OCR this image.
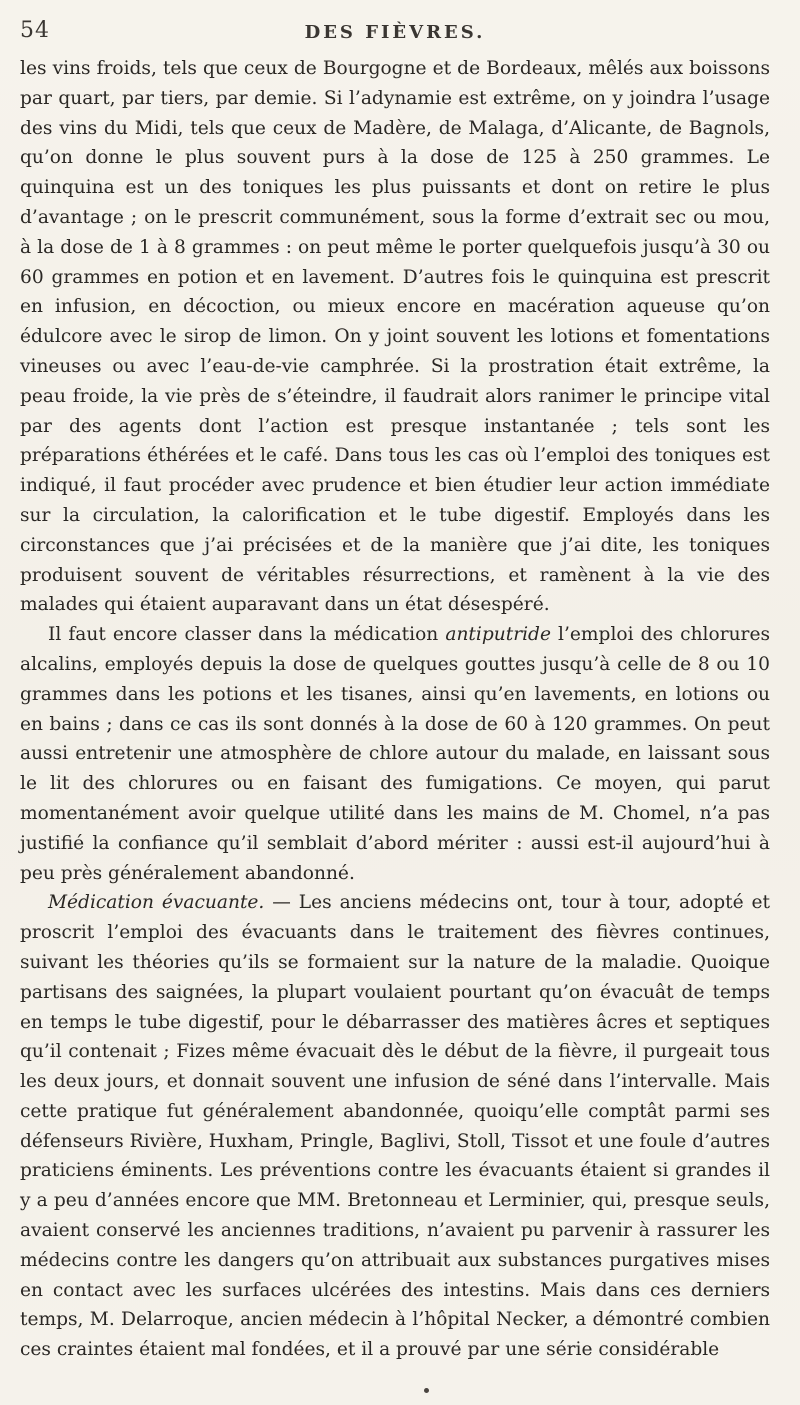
54	DES FIÈVRES.

les vins froids, tels que ceux de Bourgogne et de Bordeaux, mêlés aux boissons par quart, par tiers, par demie. Si l’adynamie est extrême, on y joindra l’usage des vins du Midi, tels que ceux de Madère, de Malaga, d’Alicante, de Bagnols, qu’on donne le plus souvent purs à la dose de 125 à 250 grammes. Le quinquina est un des toniques les plus puissants et dont on retire le plus d’avantage ; on le prescrit communément, sous la forme d’extrait sec ou mou, à la dose de 1 à 8 grammes : on peut même le porter quelquefois jusqu’à 30 ou 60 grammes en potion et en lavement. D’autres fois le quinquina est prescrit en infusion, en décoction, ou mieux encore en macération aqueuse qu’on édulcore avec le sirop de limon. On y joint souvent les lotions et fomentations vineuses ou avec l’eau-de-vie camphrée. Si la prostration était extrême, la peau froide, la vie près de s’éteindre, il faudrait alors ranimer le principe vital par des agents dont l’action est presque instantanée ; tels sont les préparations éthérées et le café. Dans tous les cas où l’emploi des toniques est indiqué, il faut procéder avec prudence et bien étudier leur action immédiate sur la circulation, la calorification et le tube digestif. Employés dans les circonstances que j’ai précisées et de la manière que j’ai dite, les toniques produisent souvent de véritables résurrections, et ramènent à la vie des malades qui étaient auparavant dans un état désespéré.

Il faut encore classer dans la médication antiputride l’emploi des chlorures alcalins, employés depuis la dose de quelques gouttes jusqu’à celle de 8 ou 10 grammes dans les potions et les tisanes, ainsi qu’en lavements, en lotions ou en bains ; dans ce cas ils sont donnés à la dose de 60 à 120 grammes. On peut aussi entretenir une atmosphère de chlore autour du malade, en laissant sous le lit des chlorures ou en faisant des fumigations. Ce moyen, qui parut momentanément avoir quelque utilité dans les mains de M. Chomel, n’a pas justifié la confiance qu’il semblait d’abord mériter : aussi est-il aujourd’hui à peu près généralement abandonné.

Médication évacuante. — Les anciens médecins ont, tour à tour, adopté et proscrit l’emploi des évacuants dans le traitement des fièvres continues, suivant les théories qu’ils se formaient sur la nature de la maladie. Quoique partisans des saignées, la plupart voulaient pourtant qu’on évacuât de temps en temps le tube digestif, pour le débarrasser des matières âcres et septiques qu’il contenait ; Fizes même évacuait dès le début de la fièvre, il purgeait tous les deux jours, et donnait souvent une infusion de séné dans l’intervalle. Mais cette pratique fut généralement abandonnée, quoiqu’elle comptât parmi ses défenseurs Rivière, Huxham, Pringle, Baglivi, Stoll, Tissot et une foule d’autres praticiens éminents. Les préventions contre les évacuants étaient si grandes il y a peu d’années encore que MM. Bretonneau et Lerminier, qui, presque seuls, avaient conservé les anciennes traditions, n’avaient pu parvenir à rassurer les médecins contre les dangers qu’on attribuait aux substances purgatives mises en contact avec les surfaces ulcérées des intestins. Mais dans ces derniers temps, M. Delarroque, ancien médecin à l’hôpital Necker, a démontré combien ces craintes étaient mal fondées, et il a prouvé par une série considérable
